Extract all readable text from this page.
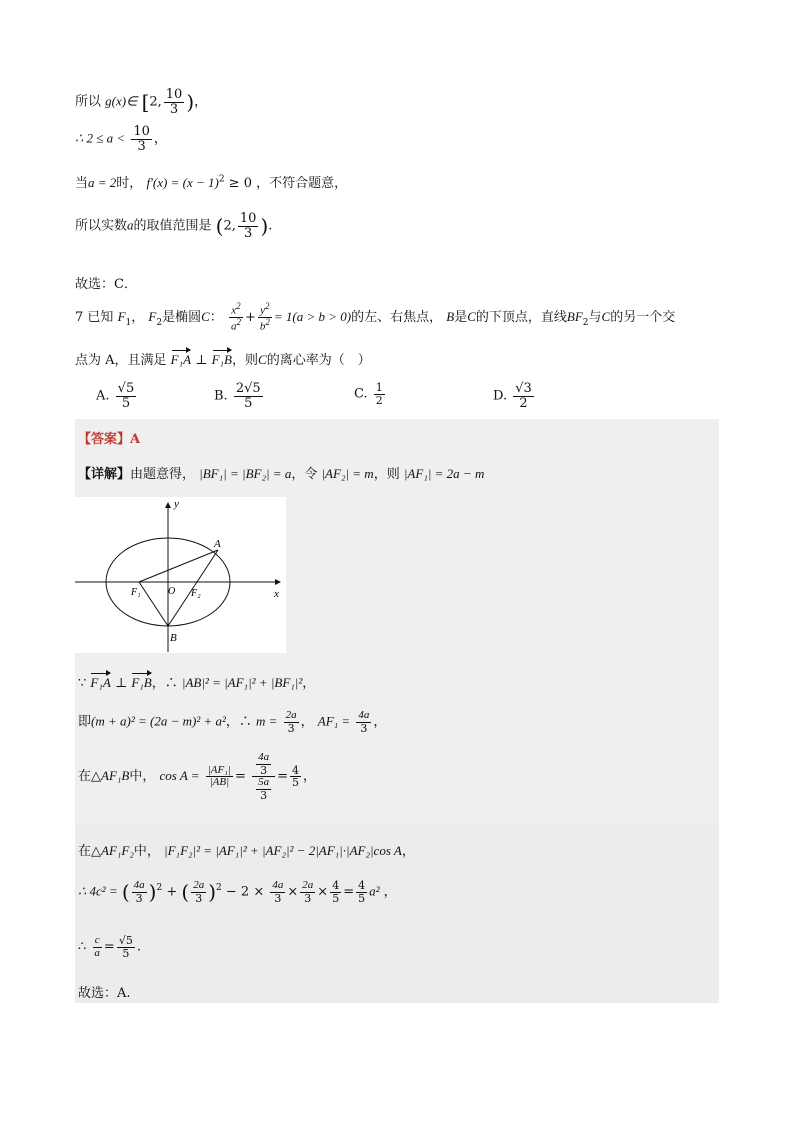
所以 g(x)∈ [2, $\frac{10}{3}$ )，
∴ $2 \le a < \frac{10}{3}$ ，
当a = 2时， $f'(x) = (x - 1)^2 \ge 0$ ，不符合题意，
所以实数a的取值范围是 (2, $\frac{10}{3}$ ).
故选：C．
7 已知 $F_1$， $F_2$是椭圆C： $\frac{x^2}{a^2} + \frac{y^2}{b^2} = 1(a > b > 0)$的左、右焦点， B是C的下顶点，直线$BF_2$与C的另一个交
点为 A，且满足 F₁A ⊥ F₁B，则C的离心率为（　）
A. $\frac{√5}{5}$	B. $\frac{2√5}{5}$	C. $\frac{1}{2}$	D. $\frac{√3}{2}$
【答案】A
【详解】由题意得， |BF₁| = |BF₂| = a，令 |AF₂| = m，则 |AF₁| = 2a − m
y
x
A
O
F₁	F₂
B
∵ F₁A ⊥ F₁B，∴ |AB|² = |AF₁|² + |BF₁|²，
即(m + a)² = (2a − m)² + a²，∴ $m = \frac{2a}{3}$ ， $AF_1 = \frac{4a}{3}$ ，
在△AF₁B中， $\cos A = \frac{\text{|AF₁|}}{|AB|} = \frac{\frac{4a}{3}}{\frac{5a}{3}} = \frac{4}{5}$ ，
在△AF₁F₂中， |F₁F₂|² = |AF₁|² + |AF₂|² − 2|AF₁|·|AF₂|cos A，
∴ 4c² = ( $\frac{4a}{3} )^2$ + ( $\frac{2a}{3} )^2 - 2 \times \frac{4a}{3} \times \frac{2a}{3} \times \frac{4}{5} = \frac{4}{5} a^2$ ，
∴ $\frac{c}{a} = \frac{√5}{5}$ .
故选：A.
